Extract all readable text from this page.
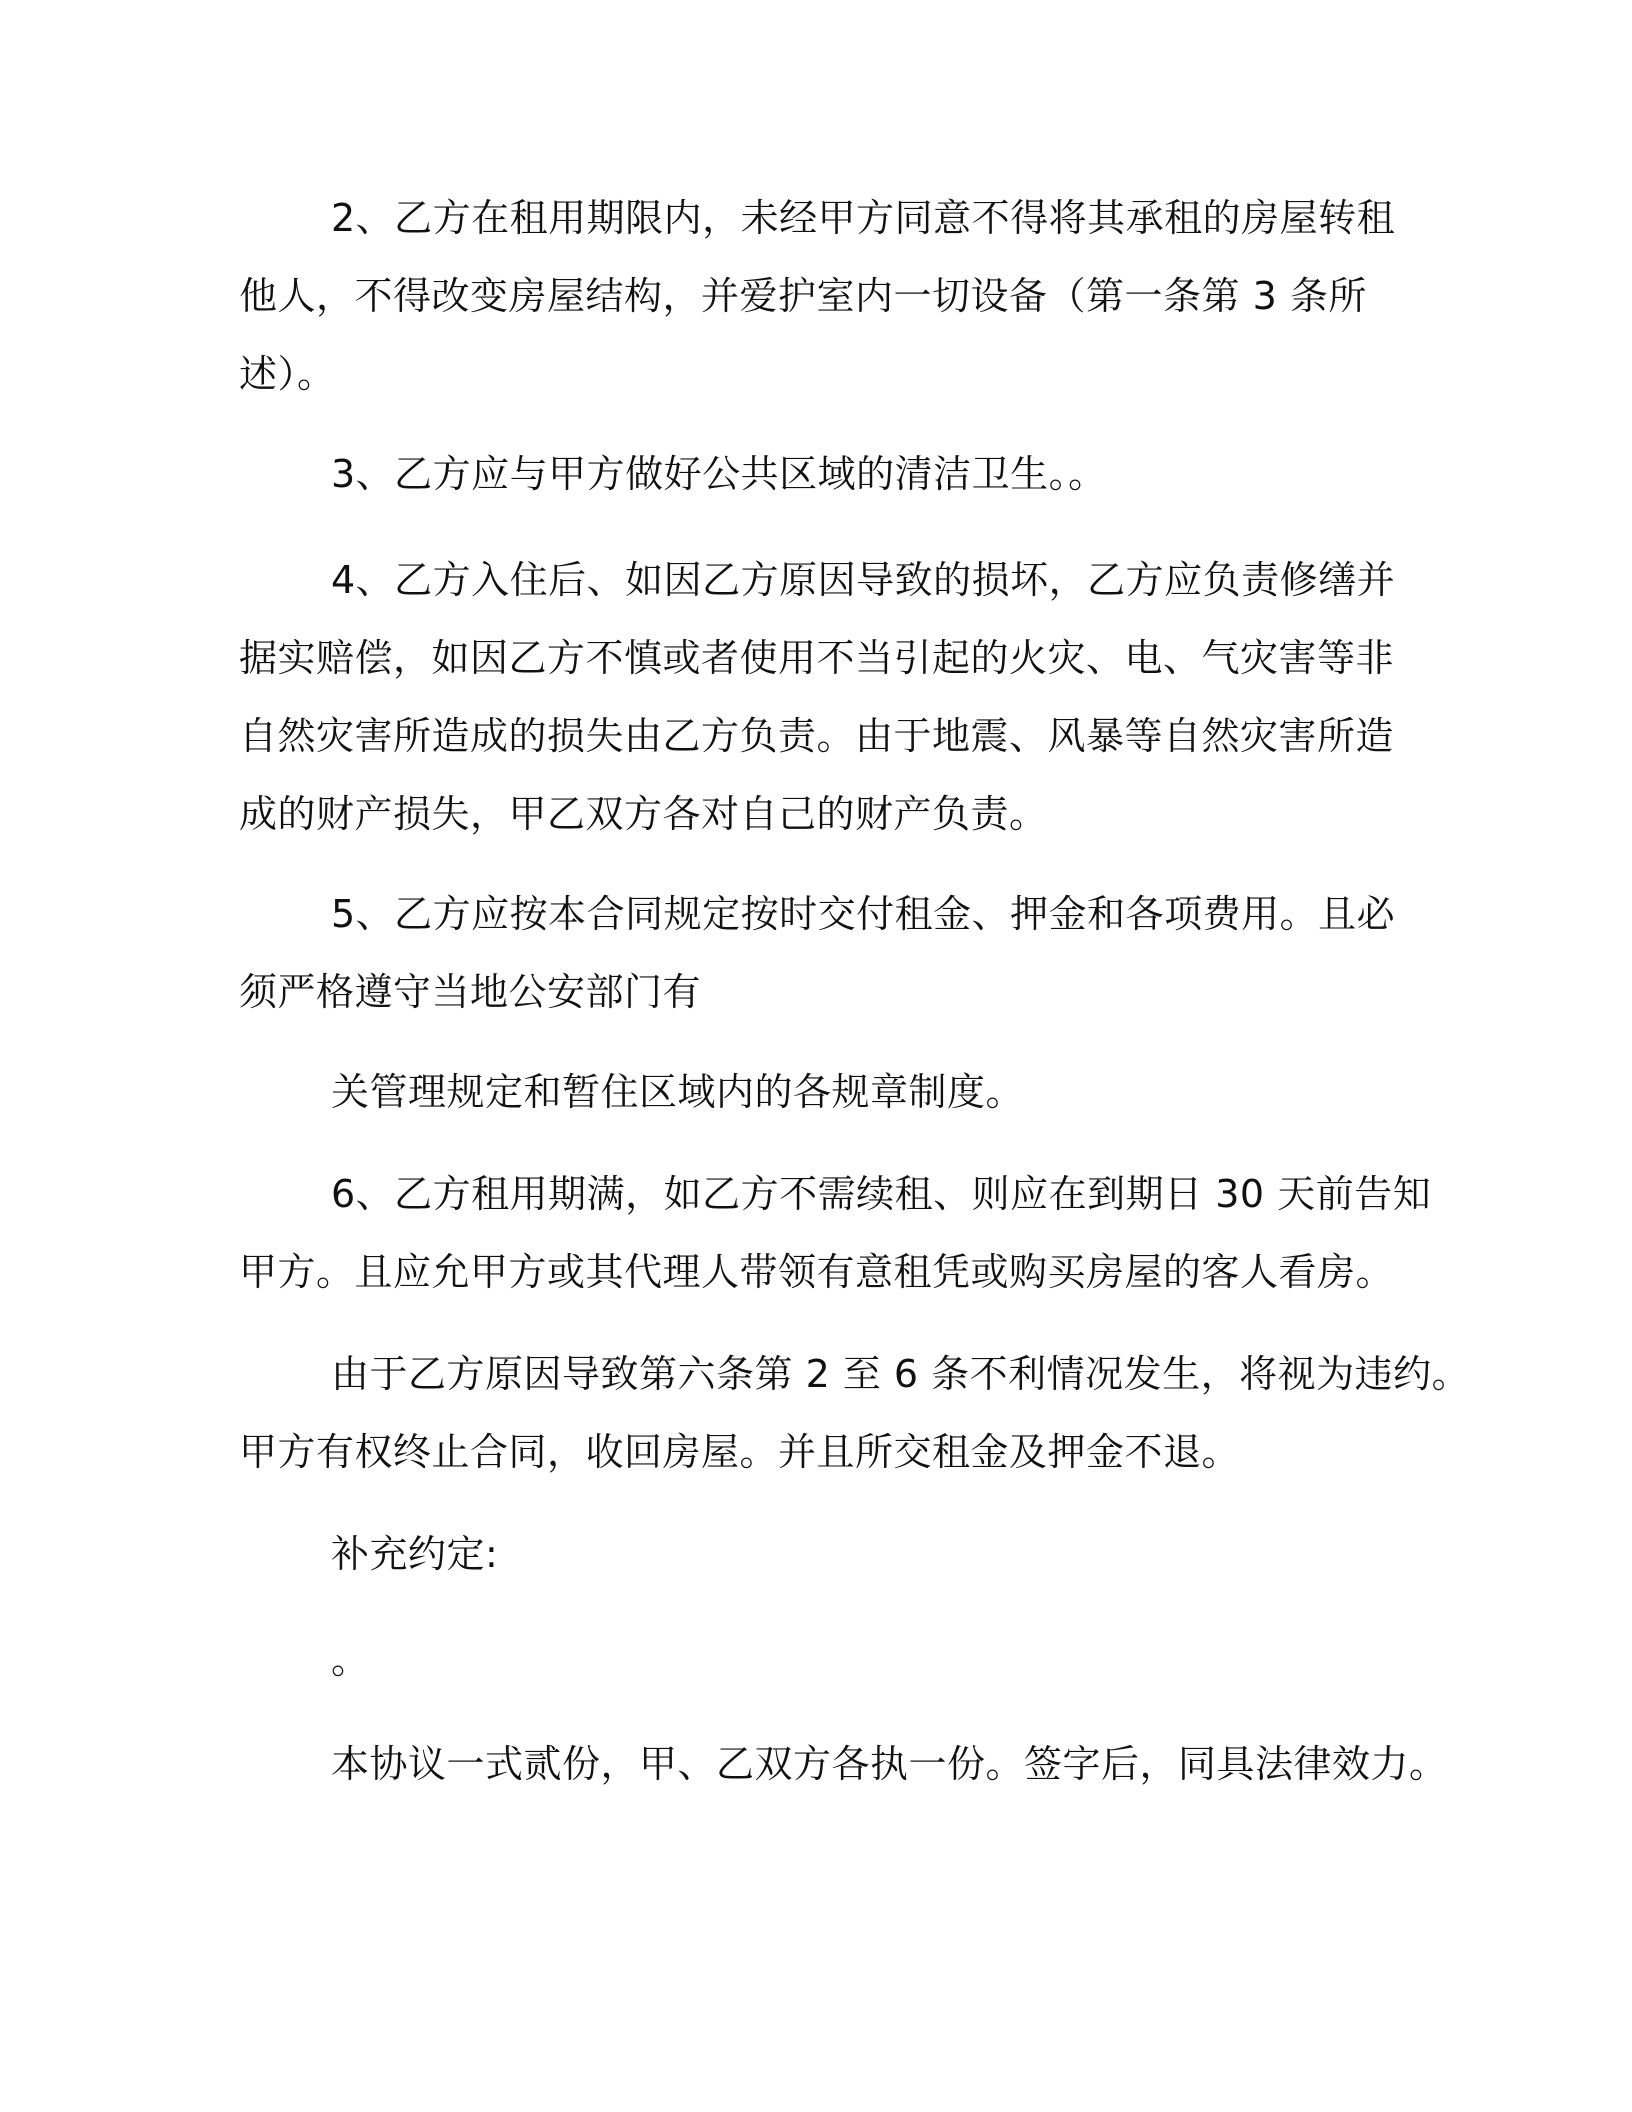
2、乙方在租用期限内，未经甲方同意不得将其承租的房屋转租
他人，不得改变房屋结构，并爱护室内一切设备（第一条第 3 条所
述）。
3、乙方应与甲方做好公共区域的清洁卫生。。
4、乙方入住后、如因乙方原因导致的损坏，乙方应负责修缮并
据实赔偿，如因乙方不慎或者使用不当引起的火灾、电、气灾害等非
自然灾害所造成的损失由乙方负责。由于地震、风暴等自然灾害所造
成的财产损失，甲乙双方各对自己的财产负责。
5、乙方应按本合同规定按时交付租金、押金和各项费用。且必
须严格遵守当地公安部门有
关管理规定和暂住区域内的各规章制度。
6、乙方租用期满，如乙方不需续租、则应在到期日 30 天前告知
甲方。且应允甲方或其代理人带领有意租凭或购买房屋的客人看房。
由于乙方原因导致第六条第 2 至 6 条不利情况发生，将视为违约。
甲方有权终止合同，收回房屋。并且所交租金及押金不退。
补充约定:
。
本协议一式贰份，甲、乙双方各执一份。签字后，同具法律效力。
